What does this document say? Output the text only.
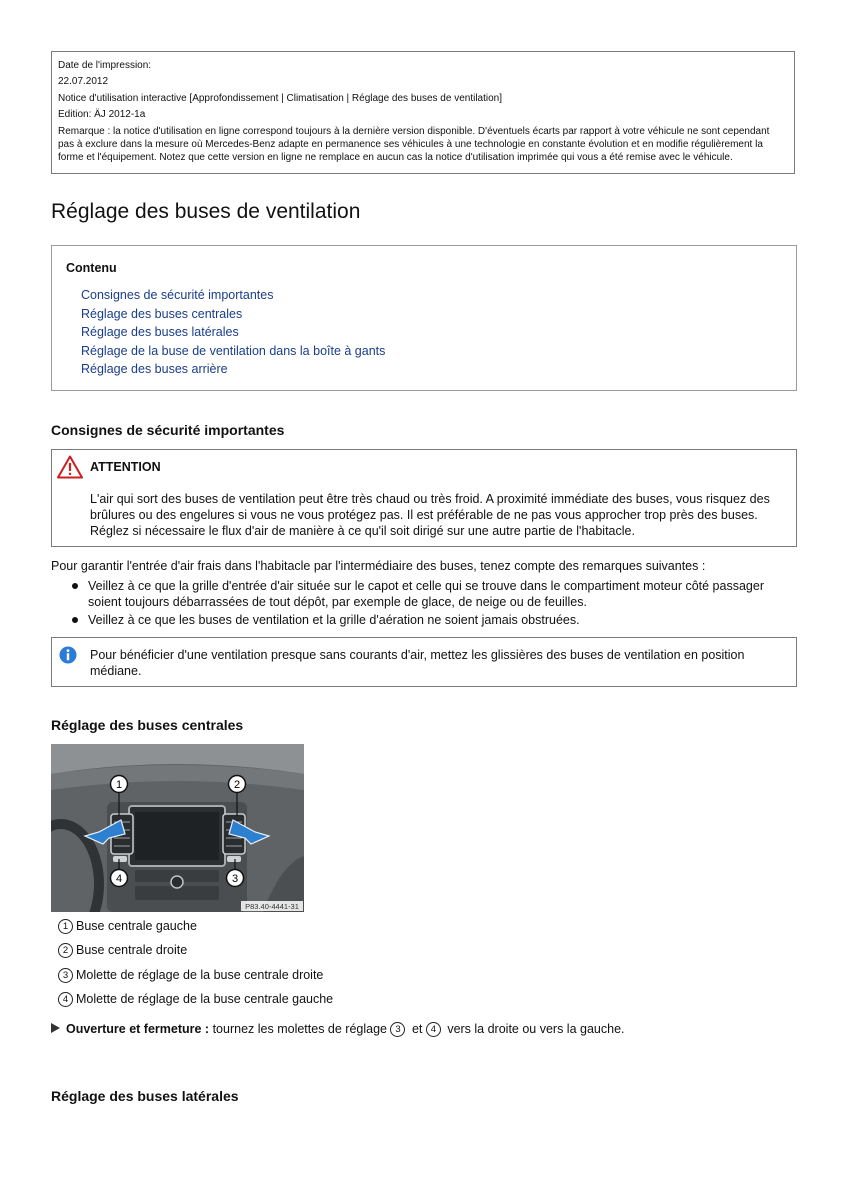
Date de l'impression:
22.07.2012
Notice d'utilisation interactive [Approfondissement | Climatisation | Réglage des buses de ventilation]
Edition: ÄJ 2012-1a
Remarque : la notice d'utilisation en ligne correspond toujours à la dernière version disponible. D'éventuels écarts par rapport à votre véhicule ne sont cependant pas à exclure dans la mesure où Mercedes-Benz adapte en permanence ses véhicules à une technologie en constante évolution et en modifie régulièrement la forme et l'équipement. Notez que cette version en ligne ne remplace en aucun cas la notice d'utilisation imprimée qui vous a été remise avec le véhicule.
Réglage des buses de ventilation
Contenu
Consignes de sécurité importantes
Réglage des buses centrales
Réglage des buses latérales
Réglage de la buse de ventilation dans la boîte à gants
Réglage des buses arrière
Consignes de sécurité importantes
ATTENTION
L'air qui sort des buses de ventilation peut être très chaud ou très froid. A proximité immédiate des buses, vous risquez des brûlures ou des engelures si vous ne vous protégez pas. Il est préférable de ne pas vous approcher trop près des buses. Réglez si nécessaire le flux d'air de manière à ce qu'il soit dirigé sur une autre partie de l'habitacle.
Pour garantir l'entrée d'air frais dans l'habitacle par l'intermédiaire des buses, tenez compte des remarques suivantes :
Veillez à ce que la grille d'entrée d'air située sur le capot et celle qui se trouve dans le compartiment moteur côté passager soient toujours débarrassées de tout dépôt, par exemple de glace, de neige ou de feuilles.
Veillez à ce que les buses de ventilation et la grille d'aération ne soient jamais obstruées.
Pour bénéficier d'une ventilation presque sans courants d'air, mettez les glissières des buses de ventilation en position médiane.
Réglage des buses centrales
1	2
4	3
P83.40-4441-31
1 Buse centrale gauche
2 Buse centrale droite
3 Molette de réglage de la buse centrale droite
4 Molette de réglage de la buse centrale gauche
Ouverture et fermeture : tournez les molettes de réglage 3 et 4 vers la droite ou vers la gauche.
Réglage des buses latérales
